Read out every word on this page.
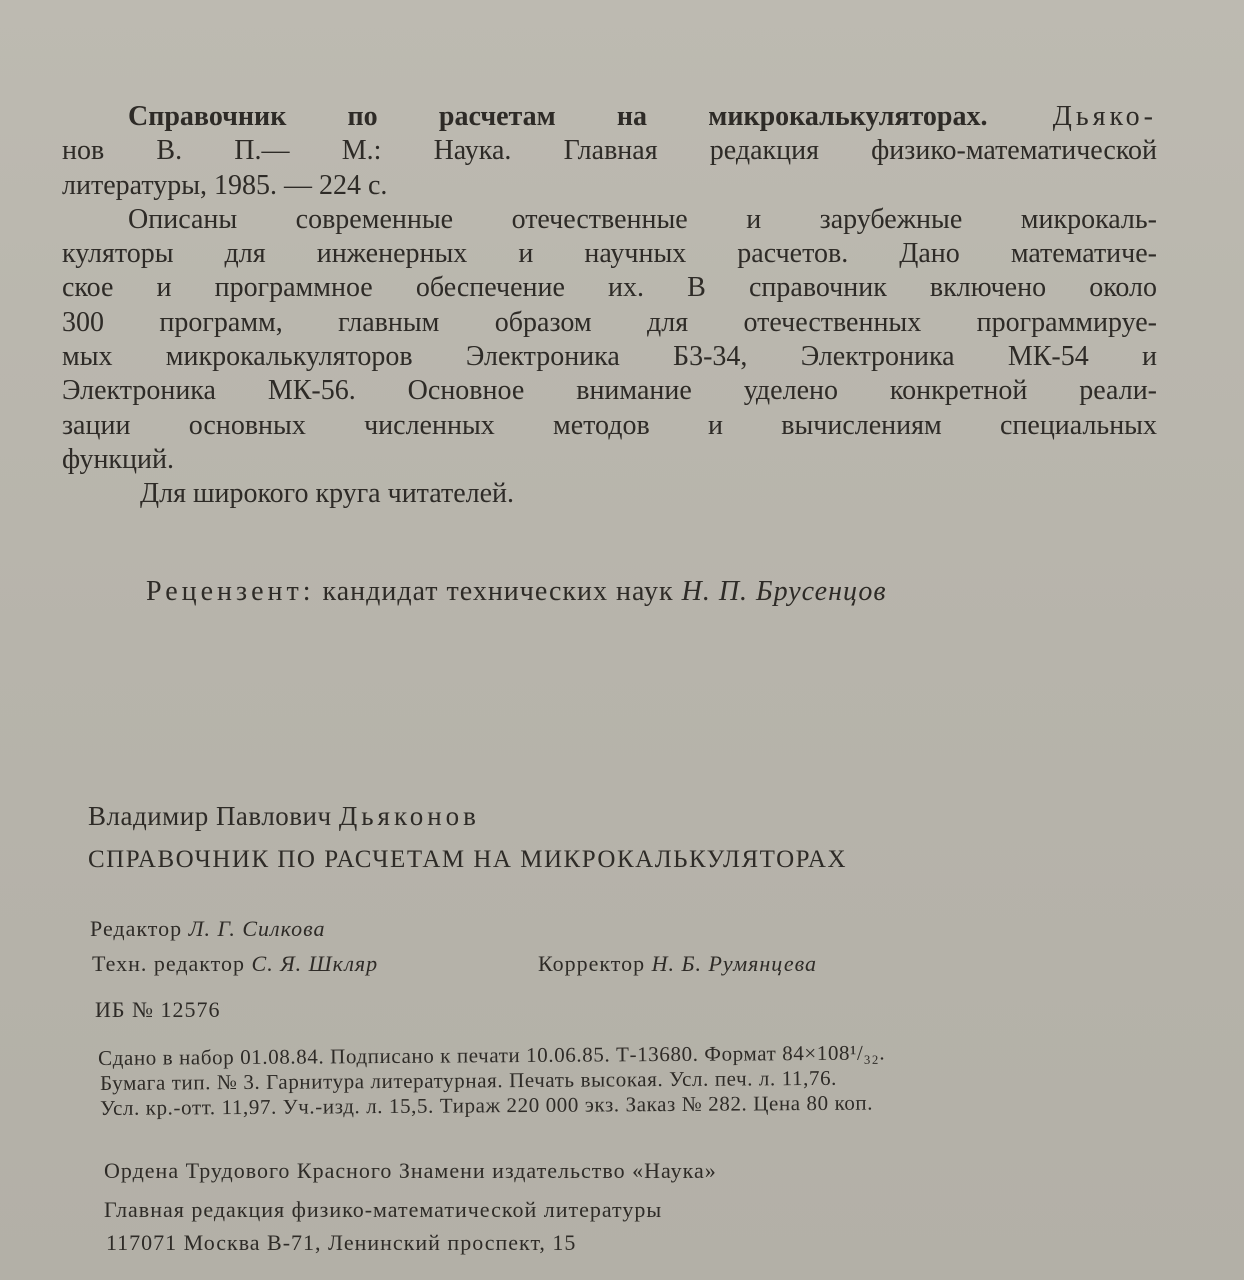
Справочник по расчетам на микрокалькуляторах. Дьяко-
нов В. П.— М.: Наука. Главная редакция физико-математической
литературы, 1985. — 224 с.
Описаны современные отечественные и зарубежные микрокаль-
куляторы для инженерных и научных расчетов. Дано математиче-
ское и программное обеспечение их. В справочник включено около
300 программ, главным образом для отечественных программируе-
мых микрокалькуляторов Электроника Б3-34, Электроника МК-54 и
Электроника МК-56. Основное внимание уделено конкретной реали-
зации основных численных методов и вычислениям специальных
функций.
Для широкого круга читателей.
Рецензент: кандидат технических наук Н. П. Брусенцов
Владимир Павлович Дьяконов
СПРАВОЧНИК ПО РАСЧЕТАМ НА МИКРОКАЛЬКУЛЯТОРАХ
Редактор Л. Г. Силкова
Техн. редактор С. Я. Шкляр	Корректор Н. Б. Румянцева
ИБ № 12576
Сдано в набор 01.08.84. Подписано к печати 10.06.85. Т-13680. Формат 84×108¹/₃₂.
Бумага тип. № 3. Гарнитура литературная. Печать высокая. Усл. печ. л. 11,76.
Усл. кр.-отт. 11,97. Уч.-изд. л. 15,5. Тираж 220 000 экз. Заказ № 282. Цена 80 коп.
Ордена Трудового Красного Знамени издательство «Наука»
Главная редакция физико-математической литературы
117071 Москва В-71, Ленинский проспект, 15
